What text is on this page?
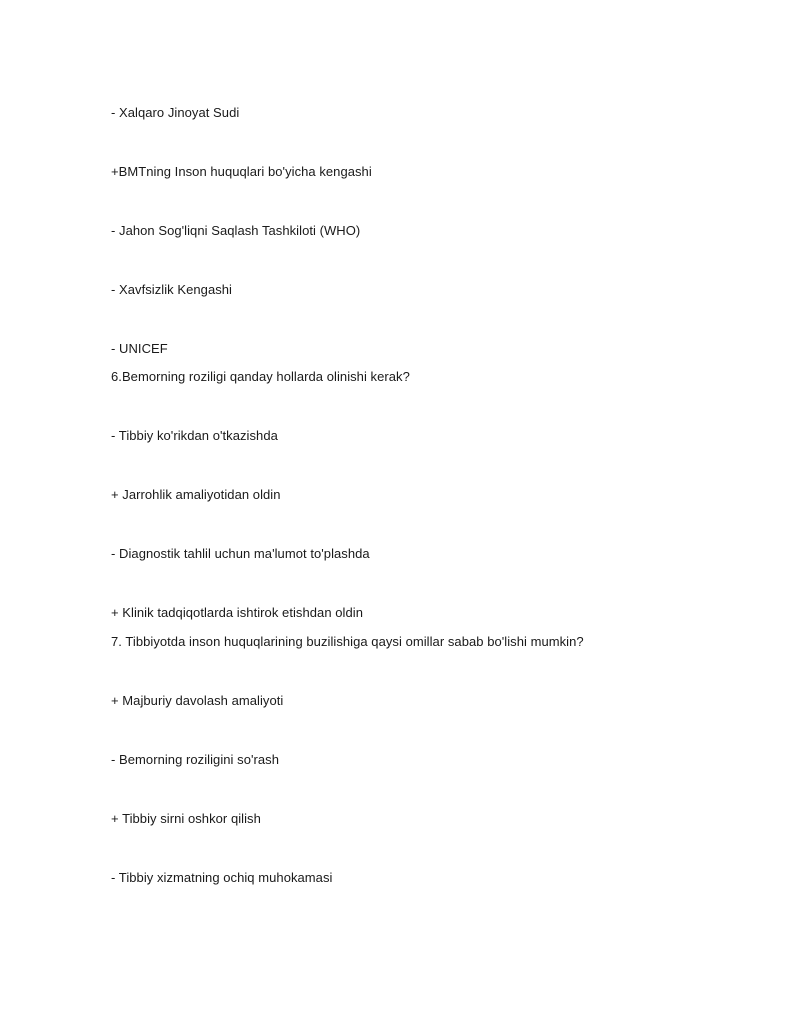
- Xalqaro Jinoyat Sudi
+BMTning Inson huquqlari bo'yicha kengashi
- Jahon Sog'liqni Saqlash Tashkiloti (WHO)
- Xavfsizlik Kengashi
- UNICEF
6.Bemorning roziligi qanday hollarda olinishi kerak?
- Tibbiy ko'rikdan o'tkazishda
+ Jarrohlik amaliyotidan oldin
- Diagnostik tahlil uchun ma'lumot to'plashda
+ Klinik tadqiqotlarda ishtirok etishdan oldin
7. Tibbiyotda inson huquqlarining buzilishiga qaysi omillar sabab bo'lishi mumkin?
+ Majburiy davolash amaliyoti
- Bemorning roziligini so'rash
+ Tibbiy sirni oshkor qilish
- Tibbiy xizmatning ochiq muhokamasi
